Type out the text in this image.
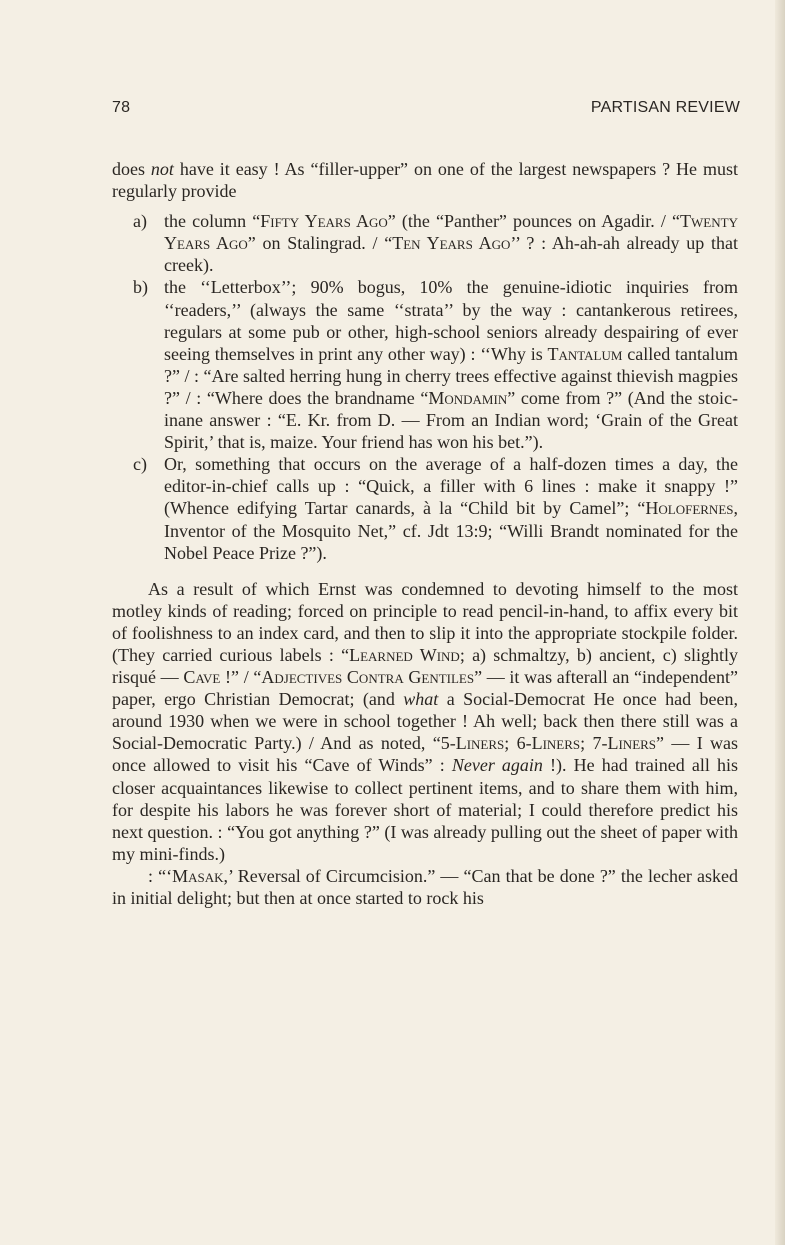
78	PARTISAN REVIEW

does not have it easy ! As “filler-upper” on one of the largest newspapers ? He must regularly provide

a) the column “Fifty Years Ago” (the “Panther” pounces on Agadir. / “Twenty Years Ago” on Stalingrad. / “Ten Years Ago’’ ? : Ah-ah-ah already up that creek).
b) the ‘‘Letterbox’’; 90% bogus, 10% the genuine-idiotic inquiries from ‘‘readers,’’ (always the same ‘‘strata’’ by the way : cantankerous retirees, regulars at some pub or other, high-school seniors already despairing of ever seeing themselves in print any other way) : ‘‘Why is Tantalum called tantalum ?” / : “Are salted herring hung in cherry trees effective against thievish magpies ?” / : “Where does the brandname “Mondamin” come from ?” (And the stoic-inane answer : “E. Kr. from D. — From an Indian word; ‘Grain of the Great Spirit,’ that is, maize. Your friend has won his bet.”).
c) Or, something that occurs on the average of a half-dozen times a day, the editor-in-chief calls up : “Quick, a filler with 6 lines : make it snappy !” (Whence edifying Tartar canards, à la “Child bit by Camel”; “Holofernes, Inventor of the Mosquito Net,” cf. Jdt 13:9; “Willi Brandt nominated for the Nobel Peace Prize ?”).

As a result of which Ernst was condemned to devoting himself to the most motley kinds of reading; forced on principle to read pencil-in-hand, to affix every bit of foolishness to an index card, and then to slip it into the appropriate stockpile folder. (They carried curious labels : “Learned Wind; a) schmaltzy, b) ancient, c) slightly risqué — Cave !” / “Adjectives Contra Gentiles” — it was afterall an “independent” paper, ergo Christian Democrat; (and what a Social-Democrat He once had been, around 1930 when we were in school together ! Ah well; back then there still was a Social-Democratic Party.) / And as noted, “5-Liners; 6-Liners; 7-Liners” — I was once allowed to visit his “Cave of Winds” : Never again !). He had trained all his closer acquaintances likewise to collect pertinent items, and to share them with him, for despite his labors he was forever short of material; I could therefore predict his next question. : “You got anything ?” (I was already pulling out the sheet of paper with my mini-finds.)

: “‘Masak,’ Reversal of Circumcision.” — “Can that be done ?” the lecher asked in initial delight; but then at once started to rock his
